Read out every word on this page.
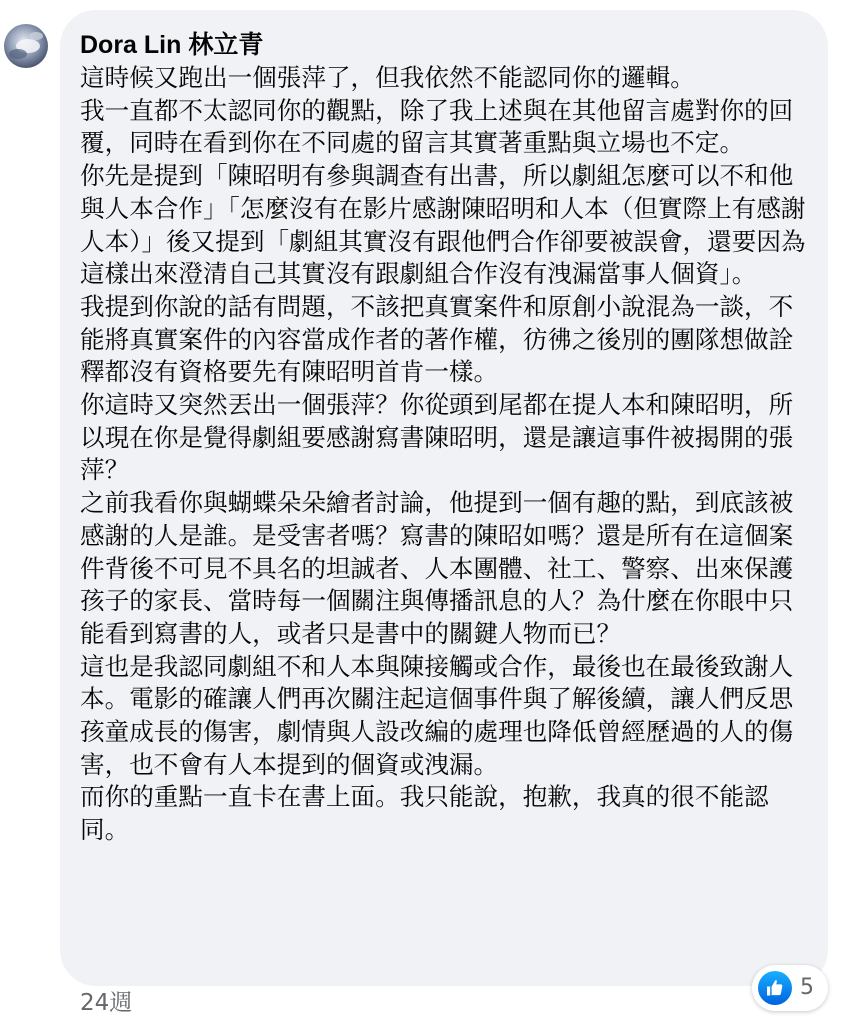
Dora Lin 林立青

這時候又跑出一個張萍了，但我依然不能認同你的邏輯。

我一直都不太認同你的觀點，除了我上述與在其他留言處對你的回覆，同時在看到你在不同處的留言其實著重點與立場也不定。

你先是提到「陳昭明有參與調查有出書，所以劇組怎麼可以不和他與人本合作」「怎麼沒有在影片感謝陳昭明和人本（但實際上有感謝人本）」後又提到「劇組其實沒有跟他們合作卻要被誤會，還要因為這樣出來澄清自己其實沒有跟劇組合作沒有洩漏當事人個資」。

我提到你說的話有問題，不該把真實案件和原創小說混為一談，不能將真實案件的內容當成作者的著作權，彷彿之後別的團隊想做詮釋都沒有資格要先有陳昭明首肯一樣。

你這時又突然丟出一個張萍？你從頭到尾都在提人本和陳昭明，所以現在你是覺得劇組要感謝寫書陳昭明，還是讓這事件被揭開的張萍？

之前我看你與蝴蝶朵朵繪者討論，他提到一個有趣的點，到底該被感謝的人是誰。是受害者嗎？寫書的陳昭如嗎？還是所有在這個案件背後不可見不具名的坦誠者、人本團體、社工、警察、出來保護孩子的家長、當時每一個關注與傳播訊息的人？為什麼在你眼中只能看到寫書的人，或者只是書中的關鍵人物而已？

這也是我認同劇組不和人本與陳接觸或合作，最後也在最後致謝人本。電影的確讓人們再次關注起這個事件與了解後續，讓人們反思孩童成長的傷害，劇情與人設改編的處理也降低曾經歷過的人的傷害，也不會有人本提到的個資或洩漏。

而你的重點一直卡在書上面。我只能說，抱歉，我真的很不能認同。

24週
5
